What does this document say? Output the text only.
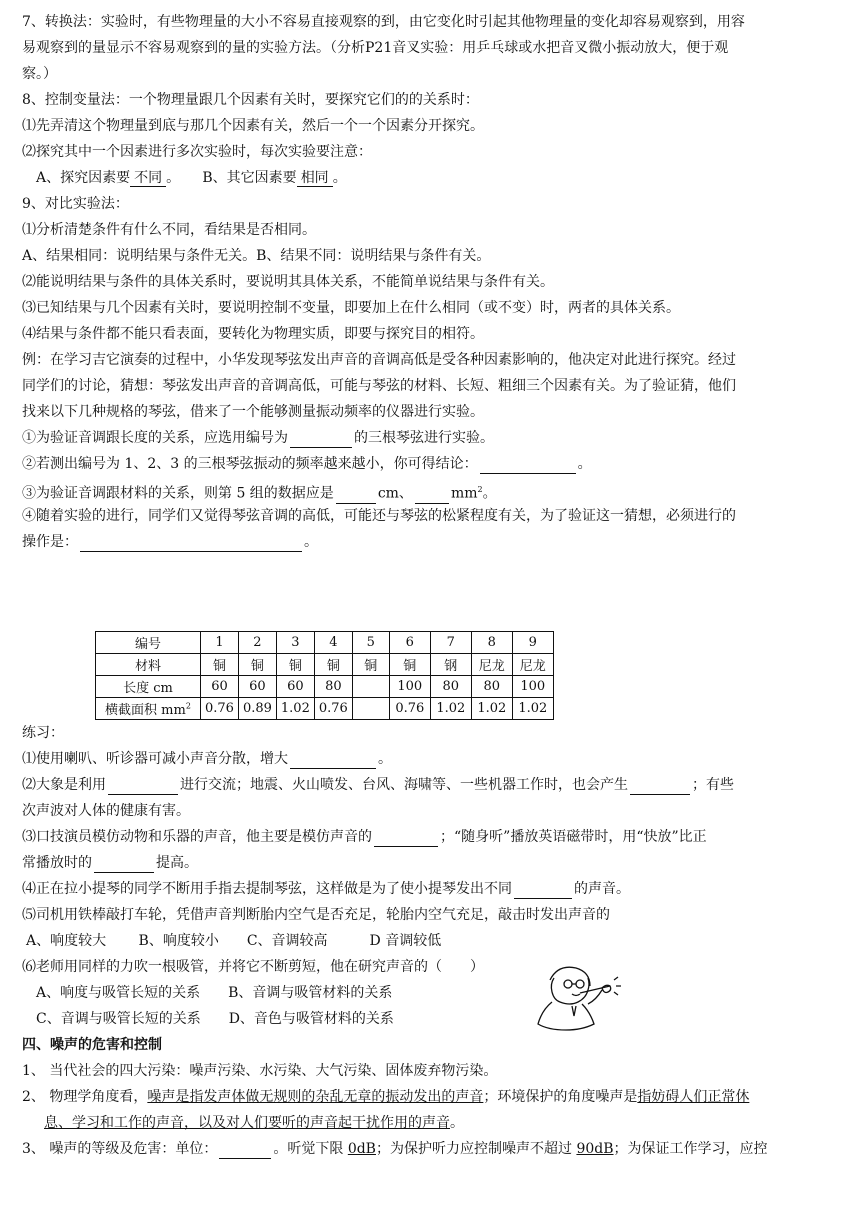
7、转换法：实验时，有些物理量的大小不容易直接观察的到，由它变化时引起其他物理量的变化却容易观察到，用容
易观察到的量显示不容易观察到的量的实验方法。（分析P21音叉实验：用乒乓球或水把音叉微小振动放大，便于观
察。）
8、控制变量法：一个物理量跟几个因素有关时，要探究它们的的关系时：
⑴先弄清这个物理量到底与那几个因素有关，然后一个一个因素分开探究。
⑵探究其中一个因素进行多次实验时，每次实验要注意：
A、探究因素要 不同 。     B、其它因素要 相同 。
9、对比实验法：
⑴分析清楚条件有什么不同，看结果是否相同。
A、结果相同：说明结果与条件无关。B、结果不同：说明结果与条件有关。
⑵能说明结果与条件的具体关系时，要说明其具体关系，不能简单说结果与条件有关。
⑶已知结果与几个因素有关时，要说明控制不变量，即要加上在什么相同（或不变）时，两者的具体关系。
⑷结果与条件都不能只看表面，要转化为物理实质，即要与探究目的相符。
例：在学习吉它演奏的过程中，小华发现琴弦发出声音的音调高低是受各种因素影响的，他决定对此进行探究。经过
同学们的讨论，猜想：琴弦发出声音的音调高低，可能与琴弦的材料、长短、粗细三个因素有关。为了验证猜，他们
找来以下几种规格的琴弦，借来了一个能够测量振动频率的仪器进行实验。
①为验证音调跟长度的关系，应选用编号为	的三根琴弦进行实验。
②若测出编号为 1、2、3 的三根琴弦振动的频率越来越小，你可得结论：	。
③为验证音调跟材料的关系，则第 5 组的数据应是	cm、	$mm^2$。
④随着实验的进行，同学们又觉得琴弦音调的高低，可能还与琴弦的松紧程度有关，为了验证这一猜想，必须进行的
操作是：	。
编号	1	2	3	4	5	6	7	8	9
材料	铜	铜	铜	铜	铜	铜	钢	尼龙	尼龙
长度 cm	60	60	60	80		100	80	80	100
横截面积 $mm^2$	0.76	0.89	1.02	0.76		0.76	1.02	1.02	1.02
练习：
⑴使用喇叭、听诊器可减小声音分散，增大	。
⑵大象是利用	进行交流；地震、火山喷发、台风、海啸等、一些机器工作时，也会产生	；有些
次声波对人体的健康有害。
⑶口技演员模仿动物和乐器的声音，他主要是模仿声音的	；“随身听”播放英语磁带时，用“快放”比正
常播放时的	提高。
⑷正在拉小提琴的同学不断用手指去提制琴弦，这样做是为了使小提琴发出不同	的声音。
⑸司机用铁棒敲打车轮，凭借声音判断胎内空气是否充足，轮胎内空气充足，敲击时发出声音的
A、响度较大　　 B、响度较小　　C、音调较高　　　D 音调较低
⑹老师用同样的力吹一根吸管，并将它不断剪短，他在研究声音的（　　）
A、响度与吸管长短的关系　　B、音调与吸管材料的关系
C、音调与吸管长短的关系　　D、音色与吸管材料的关系
四、噪声的危害和控制
1、 当代社会的四大污染：噪声污染、水污染、大气污染、固体废弃物污染。
2、 物理学角度看，噪声是指发声体做无规则的杂乱无章的振动发出的声音；环境保护的角度噪声是指妨碍人们正常休
息、学习和工作的声音，以及对人们要听的声音起干扰作用的声音。
3、 噪声的等级及危害：单位：	。听觉下限 0dB；为保护听力应控制噪声不超过 90dB；为保证工作学习，应控
